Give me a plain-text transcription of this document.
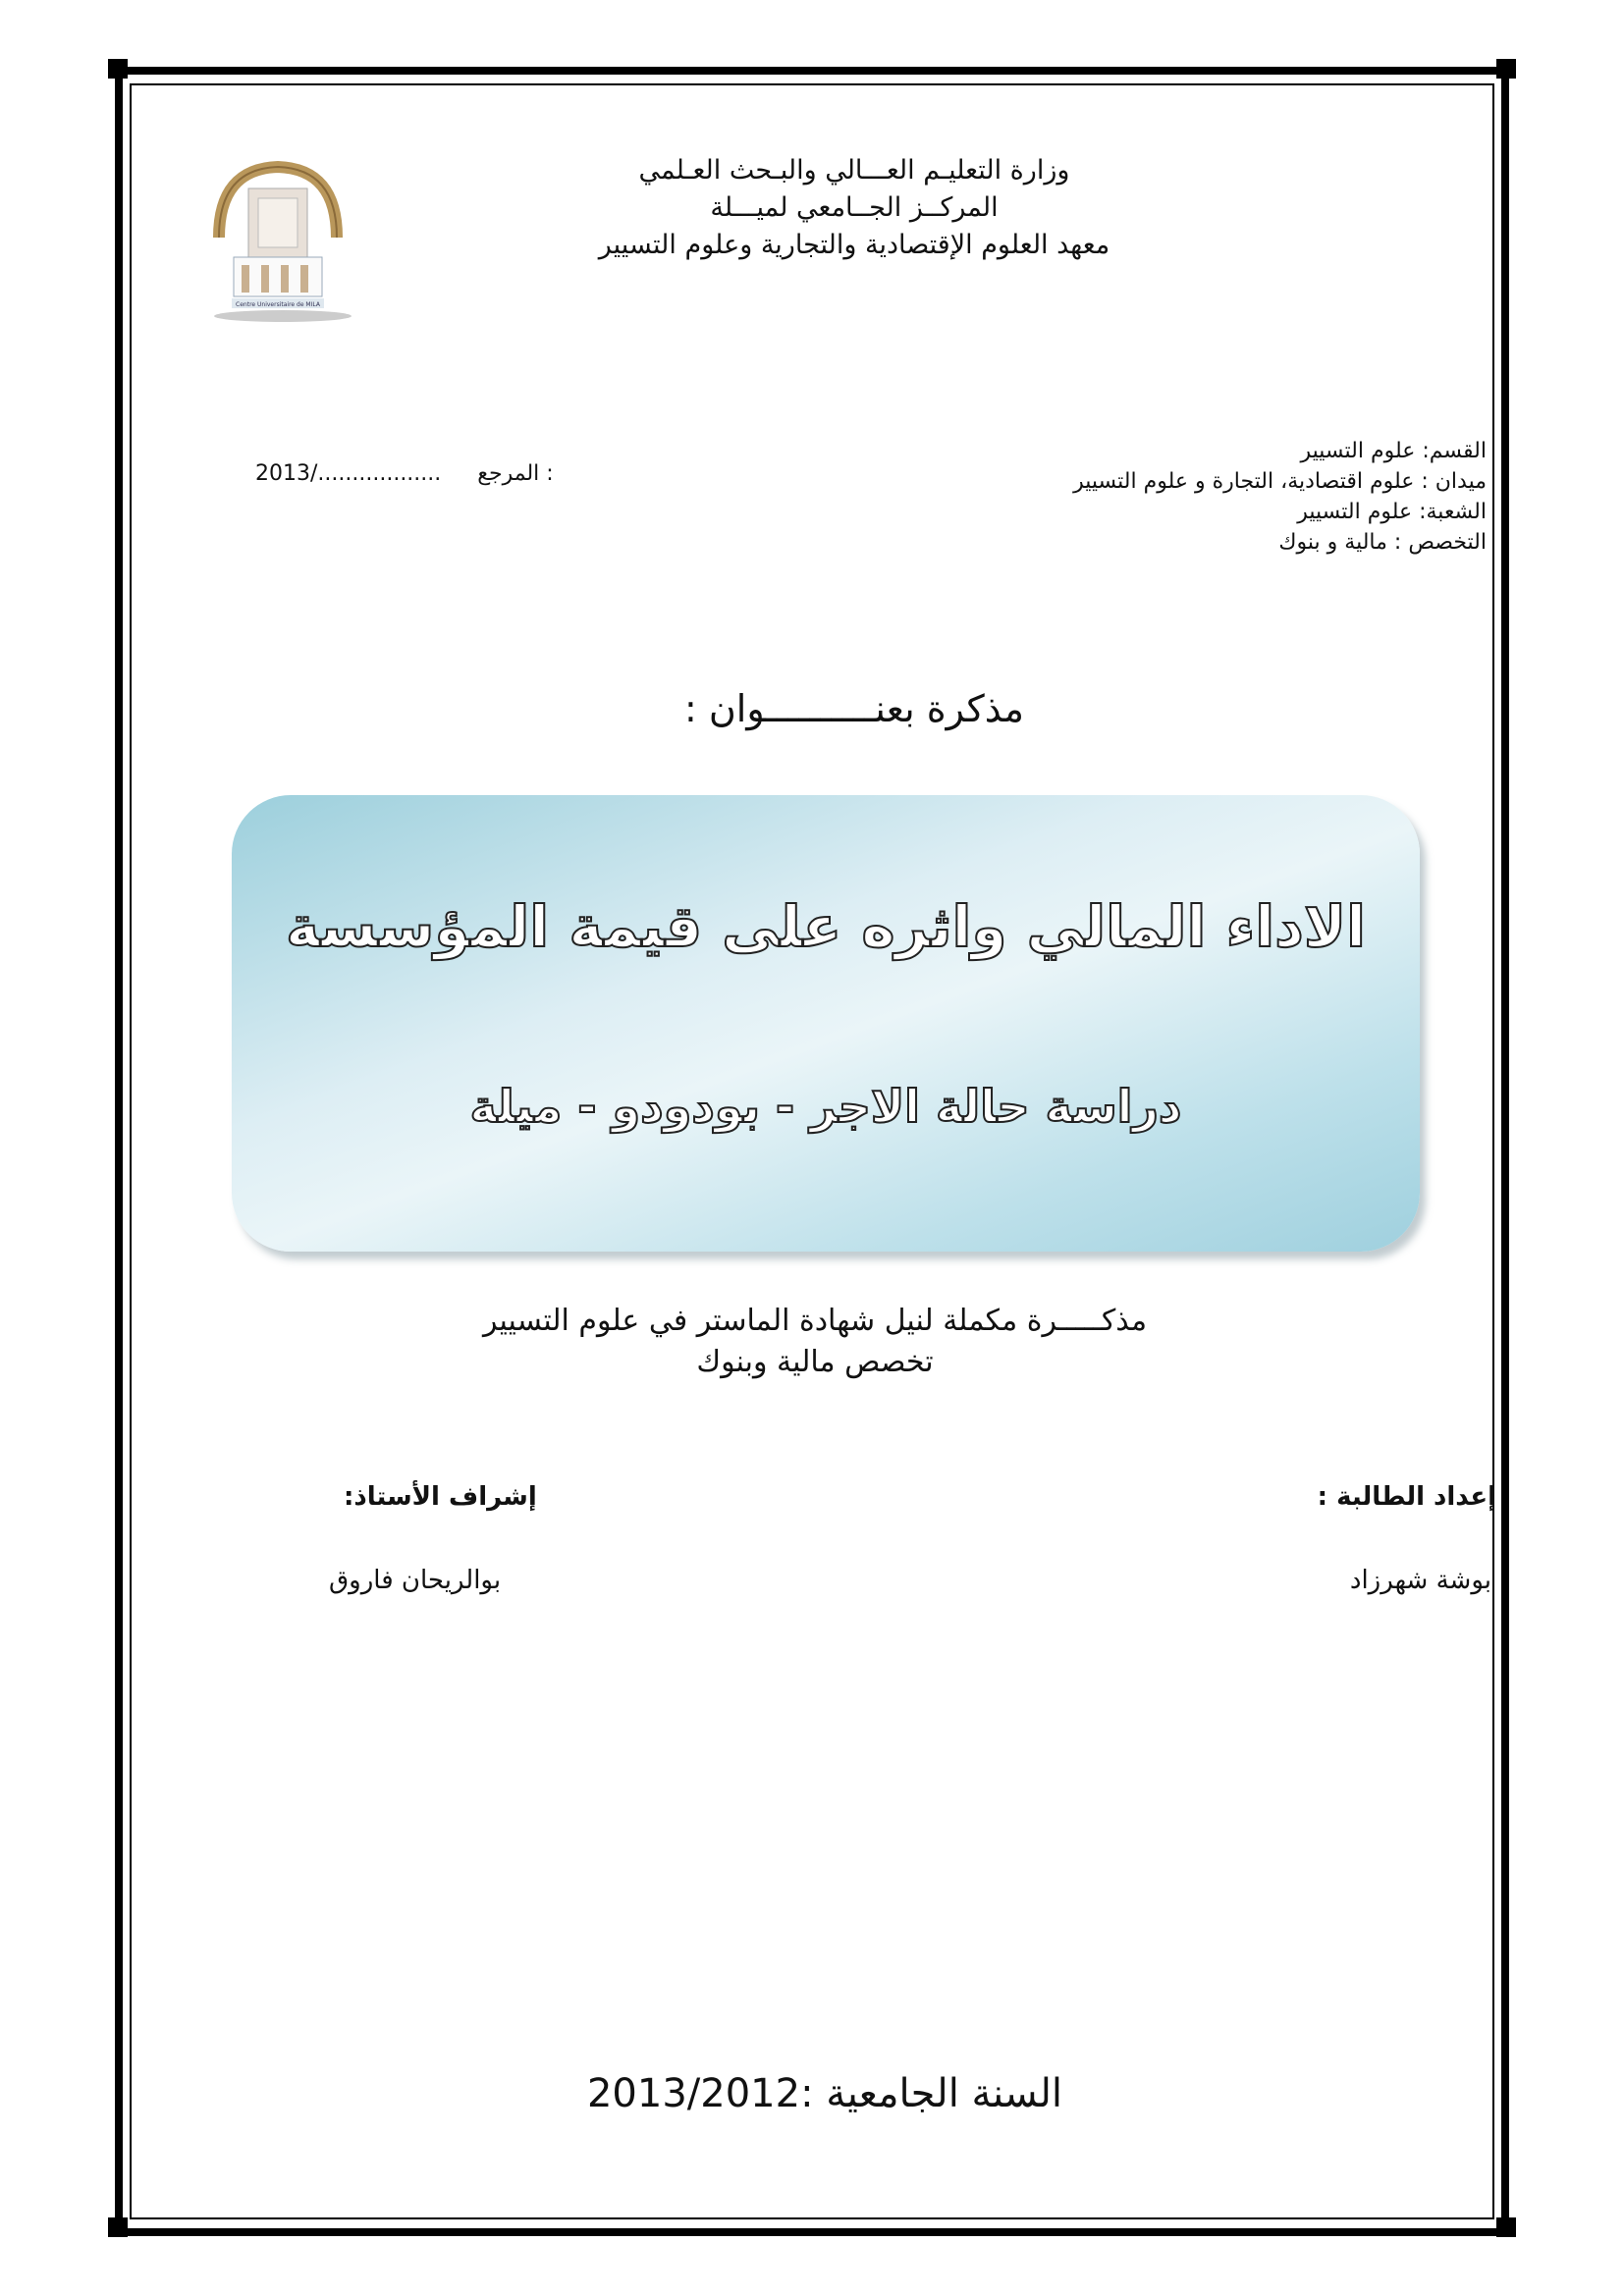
Centre Universitaire de MILA
وزارة التعليـم العـــالي والبـحث العـلمي
المركــز الجــامعي لميـــلة
معهد العلوم الإقتصادية والتجارية وعلوم التسيير
القسم: علوم التسيير
ميدان : علوم اقتصادية، التجارة و علوم التسيير
الشعبة: علوم التسيير
التخصص : مالية و بنوك
2013/.................. المرجع :
مذكرة بعنــــــــــوان :
الاداء المالي واثره على قيمة المؤسسة
دراسة حالة الاجر - بودودو - ميلة
مذكـــــرة مكملة لنيل شهادة الماستر في علوم التسيير
تخصص مالية وبنوك
إعداد الطالبة :
إشراف الأستاذ:
بوشة شهرزاد
بوالريحان فاروق
السنة الجامعية :2013/2012
